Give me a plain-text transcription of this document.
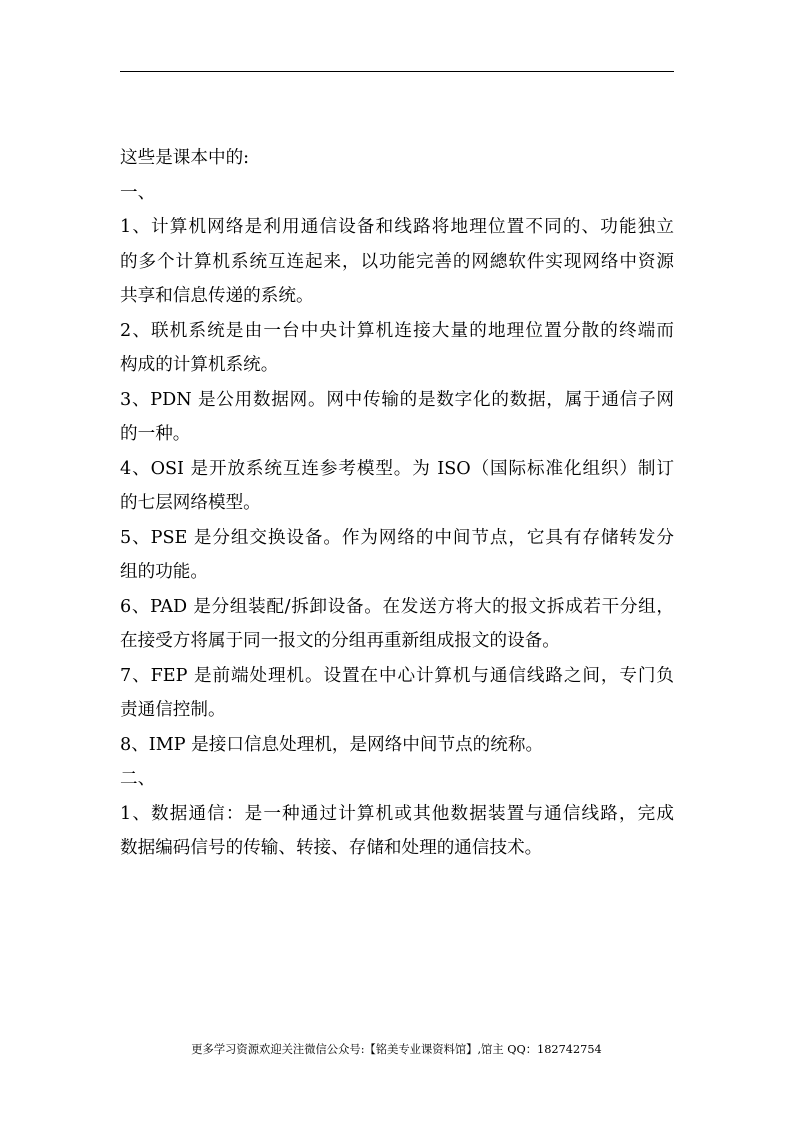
这些是课本中的:

一、

1、计算机网络是利用通信设备和线路将地理位置不同的、功能独立
的多个计算机系统互连起来，以功能完善的网總软件实现网络中资源
共享和信息传递的系统。

2、联机系统是由一台中央计算机连接大量的地理位置分散的终端而
构成的计算机系统。

3、PDN 是公用数据网。网中传输的是数字化的数据，属于通信子网
的一种。

4、OSI 是开放系统互连参考模型。为 ISO（国际标准化组织）制订
的七层网络模型。

5、PSE 是分组交换设备。作为网络的中间节点，它具有存储转发分
组的功能。

6、PAD 是分组装配/拆卸设备。在发送方将大的报文拆成若干分组，
在接受方将属于同一报文的分组再重新组成报文的设备。

7、FEP 是前端处理机。设置在中心计算机与通信线路之间，专门负
责通信控制。

8、IMP 是接口信息处理机，是网络中间节点的统称。

二、

1、数据通信：是一种通过计算机或其他数据装置与通信线路，完成
数据编码信号的传输、转接、存储和处理的通信技术。

更多学习资源欢迎关注微信公众号:【铭美专业课资料馆】,馆主 QQ：182742754
